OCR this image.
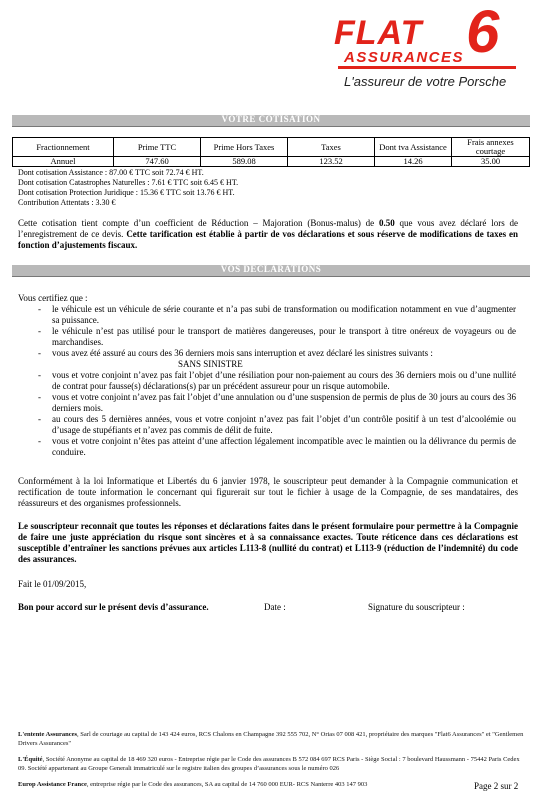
FLAT 6
ASSURANCES
L'assureur de votre Porsche
VOTRE COTISATION
Fractionnement	Prime TTC	Prime Hors Taxes	Taxes	Dont tva Assistance	Frais annexes courtage
Annuel	747.60	589.08	123.52	14.26	35.00
Dont cotisation Assistance : 87.00 € TTC soit 72.74 € HT.
Dont cotisation Catastrophes Naturelles : 7.61 € TTC soit 6.45 € HT.
Dont cotisation Protection Juridique : 15.36 € TTC soit 13.76 € HT.
Contribution Attentats : 3.30 €
Cette cotisation tient compte d’un coefficient de Réduction – Majoration (Bonus-malus) de 0.50 que vous avez déclaré lors de l’enregistrement de ce devis. Cette tarification est établie à partir de vos déclarations et sous réserve de modifications de taxes en fonction d’ajustements fiscaux.
VOS DECLARATIONS
Vous certifiez que :
- le véhicule est un véhicule de série courante et n’a pas subi de transformation ou modification notamment en vue d’augmenter sa puissance.
- le véhicule n’est pas utilisé pour le transport de matières dangereuses, pour le transport à titre onéreux de voyageurs ou de marchandises.
- vous avez été assuré au cours des 36 derniers mois sans interruption et avez déclaré les sinistres suivants :
SANS SINISTRE
- vous et votre conjoint n’avez pas fait l’objet d’une résiliation pour non-paiement au cours des 36 derniers mois ou d’une nullité de contrat pour fausse(s) déclarations(s) par un précédent assureur pour un risque automobile.
- vous et votre conjoint n’avez pas fait l’objet d’une annulation ou d’une suspension de permis de plus de 30 jours au cours des 36 derniers mois.
- au cours des 5 dernières années, vous et votre conjoint n’avez pas fait l’objet d’un contrôle positif à un test d’alcoolémie ou d’usage de stupéfiants et n’avez pas commis de délit de fuite.
- vous et votre conjoint n’êtes pas atteint d’une affection légalement incompatible avec le maintien ou la délivrance du permis de conduire.
Conformément à la loi Informatique et Libertés du 6 janvier 1978, le souscripteur peut demander à la Compagnie communication et rectification de toute information le concernant qui figurerait sur tout le fichier à usage de la Compagnie, de ses mandataires, des réassureurs et des organismes professionnels.
Le souscripteur reconnaît que toutes les réponses et déclarations faites dans le présent formulaire pour permettre à la Compagnie de faire une juste appréciation du risque sont sincères et à sa connaissance exactes. Toute réticence dans ces déclarations est susceptible d’entraîner les sanctions prévues aux articles L113-8 (nullité du contrat) et L113-9 (réduction de l’indemnité) du code des assurances.
Fait le 01/09/2015,
Bon pour accord sur le présent devis d’assurance.	Date :	Signature du souscripteur :
L'entente Assurances, Sarl de courtage au capital de 143 424 euros, RCS Chalons en Champagne 392 555 702, N° Orias 07 008 421, propriétaire des marques "Flat6 Assurances" et "Gentlemen Drivers Assurances"
L'Équité, Société Anonyme au capital de 18 469 320 euros - Entreprise régie par le Code des assurances B 572 084 697 RCS Paris - Siège Social : 7 boulevard Haussmann - 75442 Paris Cedex 09. Société appartenant au Groupe Generali immatriculé sur le registre italien des groupes d’assurances sous le numéro 026
Europ Assistance France, entreprise régie par le Code des assurances, SA au capital de 14 760 000 EUR- RCS Nanterre 403 147 903	Page 2 sur 2
